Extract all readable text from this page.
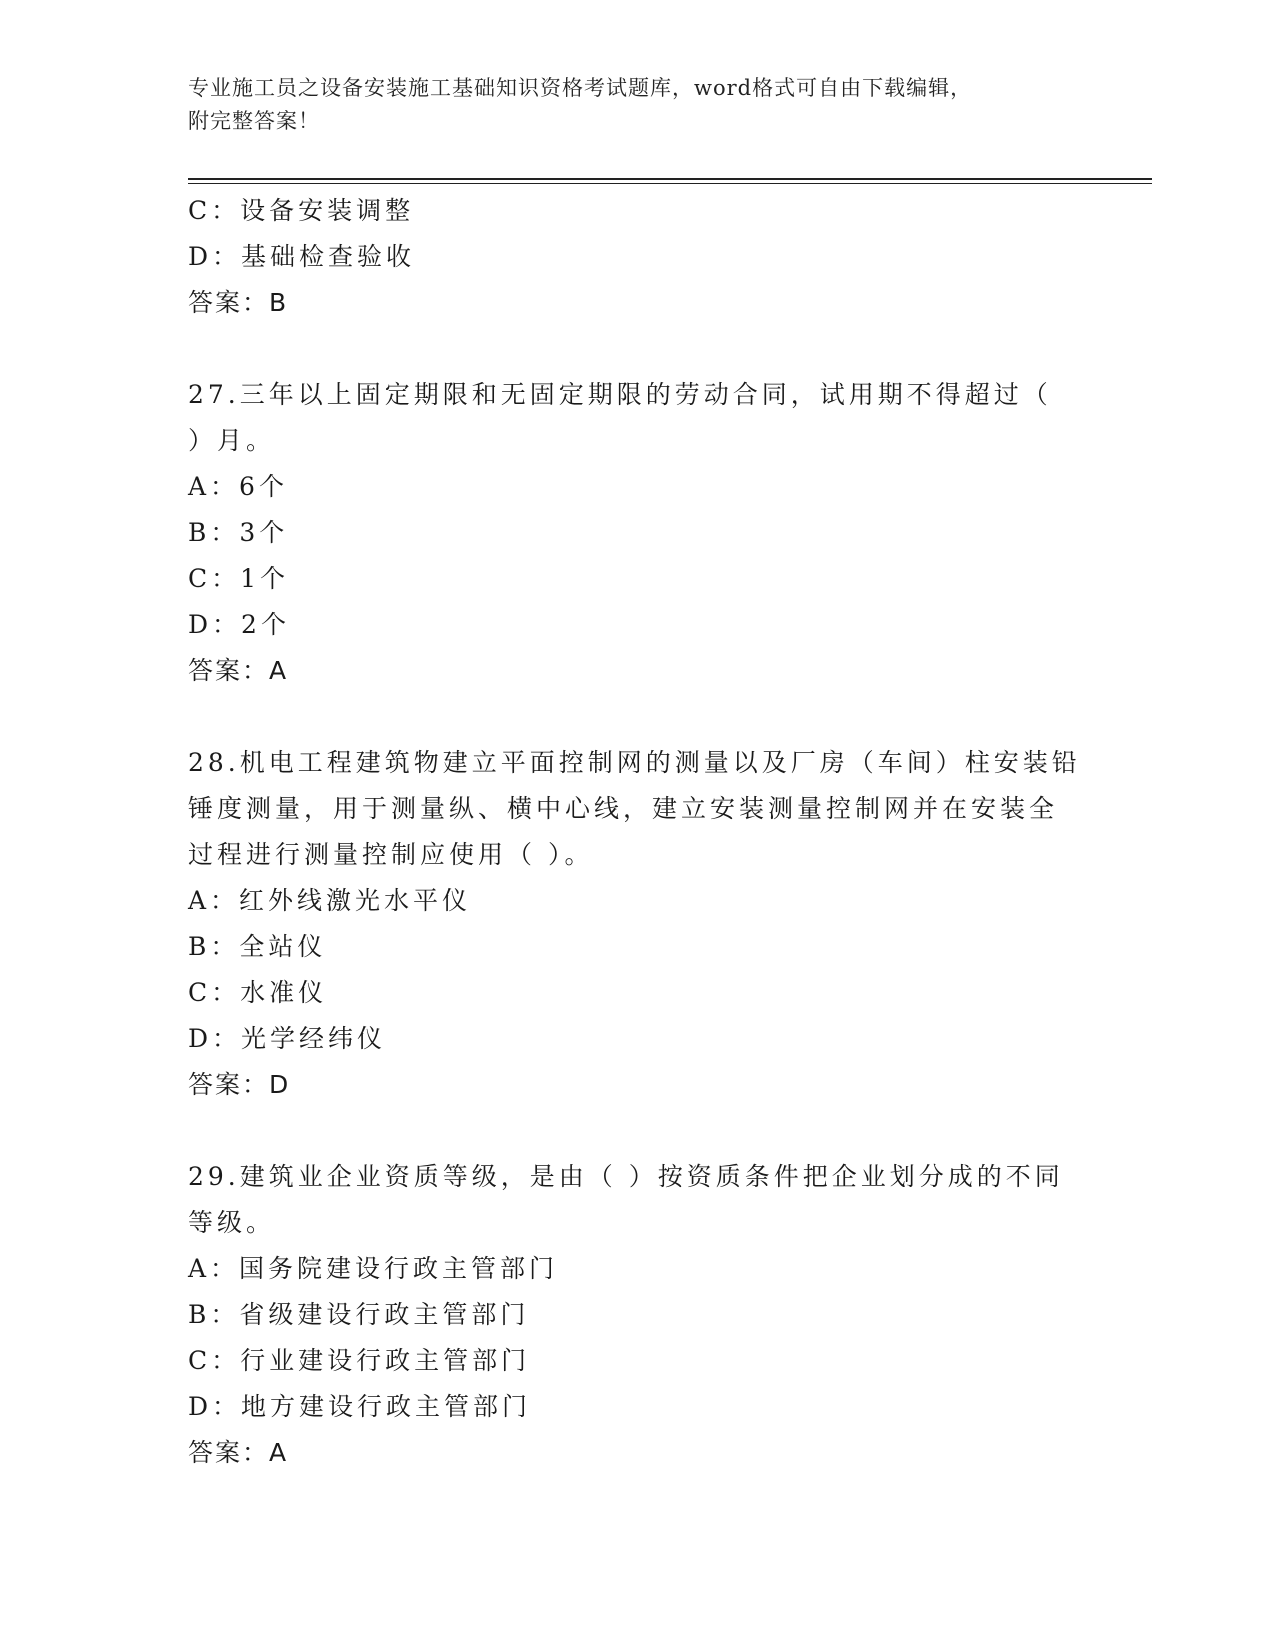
专业施工员之设备安装施工基础知识资格考试题库，word格式可自由下载编辑，
附完整答案！
C：设备安装调整
D：基础检查验收
答案：B
27.三年以上固定期限和无固定期限的劳动合同，试用期不得超过（
）月。
A：6个
B：3个
C：1个
D：2个
答案：A
28.机电工程建筑物建立平面控制网的测量以及厂房（车间）柱安装铅
锤度测量，用于测量纵、横中心线，建立安装测量控制网并在安装全
过程进行测量控制应使用（ ）。
A：红外线激光水平仪
B：全站仪
C：水准仪
D：光学经纬仪
答案：D
29.建筑业企业资质等级，是由（ ）按资质条件把企业划分成的不同
等级。
A：国务院建设行政主管部门
B：省级建设行政主管部门
C：行业建设行政主管部门
D：地方建设行政主管部门
答案：A
